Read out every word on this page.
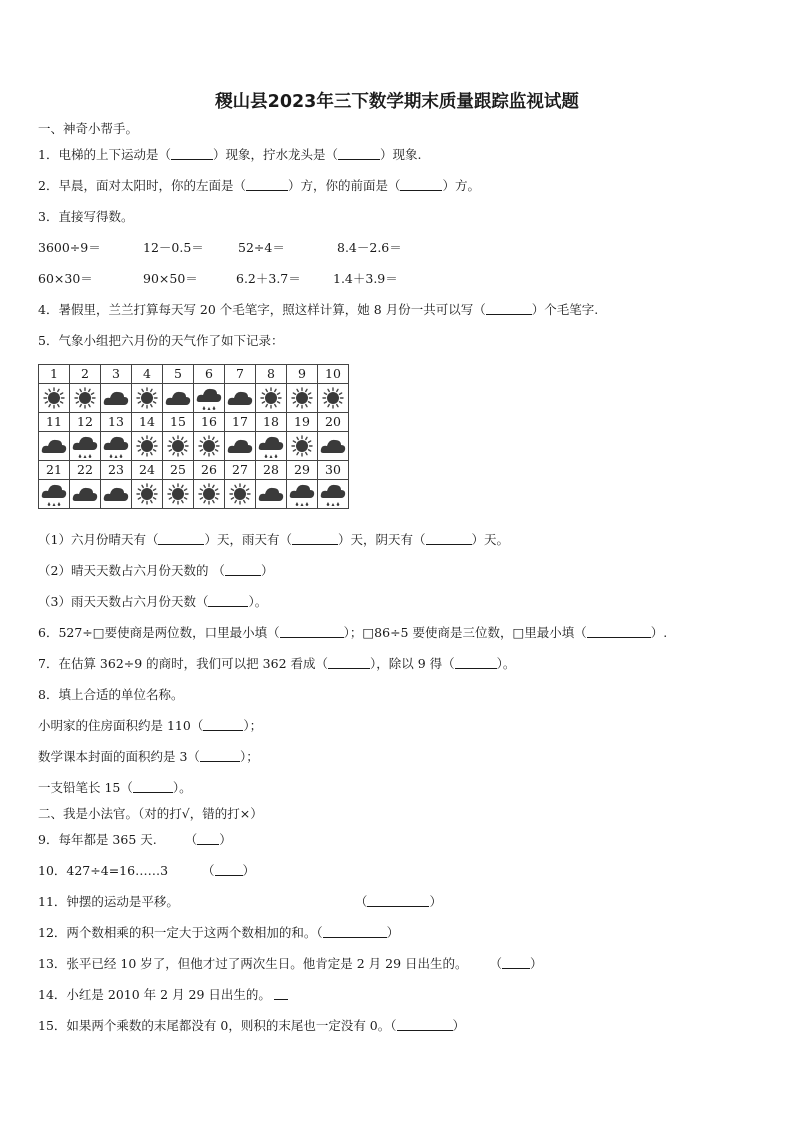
稷山县2023年三下数学期末质量跟踪监视试题
一、神奇小帮手。
1．电梯的上下运动是（	）现象，拧水龙头是（	）现象.
2．早晨，面对太阳时，你的左面是（	）方，你的前面是（	）方。
3．直接写得数。
3600÷9＝	12－0.5＝	52÷4＝	8.4－2.6＝
60×30＝	90×50＝	6.2＋3.7＝	1.4＋3.9＝
4．暑假里，兰兰打算每天写 20 个毛笔字，照这样计算，她 8 月份一共可以写（	）个毛笔字.
5．气象小组把六月份的天气作了如下记录：
1	2	3	4	5	6	7	8	9	10

11	12	13	14	15	16	17	18	19	20

21	22	23	24	25	26	27	28	29	30

（1）六月份晴天有（	）天，雨天有（	）天，阴天有（	）天。
（2）晴天天数占六月份天数的 （	）
（3）雨天天数占六月份天数（	）。
6．527÷□要使商是两位数，口里最小填（	）；□86÷5 要使商是三位数，□里最小填（	）.
7．在估算 362÷9 的商时，我们可以把 362 看成（	），除以 9 得（	）。
8．填上合适的单位名称。
小明家的住房面积约是 110（	）；
数学课本封面的面积约是 3（	）；
一支铅笔长 15（	）。
二、我是小法官。（对的打√，错的打×）
9．每年都是 365 天. （ ）
10．427÷4=16……3	（ ）
11．钟摆的运动是平移。	（	）
12．两个数相乘的积一定大于这两个数相加的和。（	）
13．张平已经 10 岁了，但他才过了两次生日。他肯定是 2 月 29 日出生的。 （ ）
14．小红是 2010 年 2 月 29 日出生的。
15．如果两个乘数的末尾都没有 0，则积的末尾也一定没有 0。（	）
